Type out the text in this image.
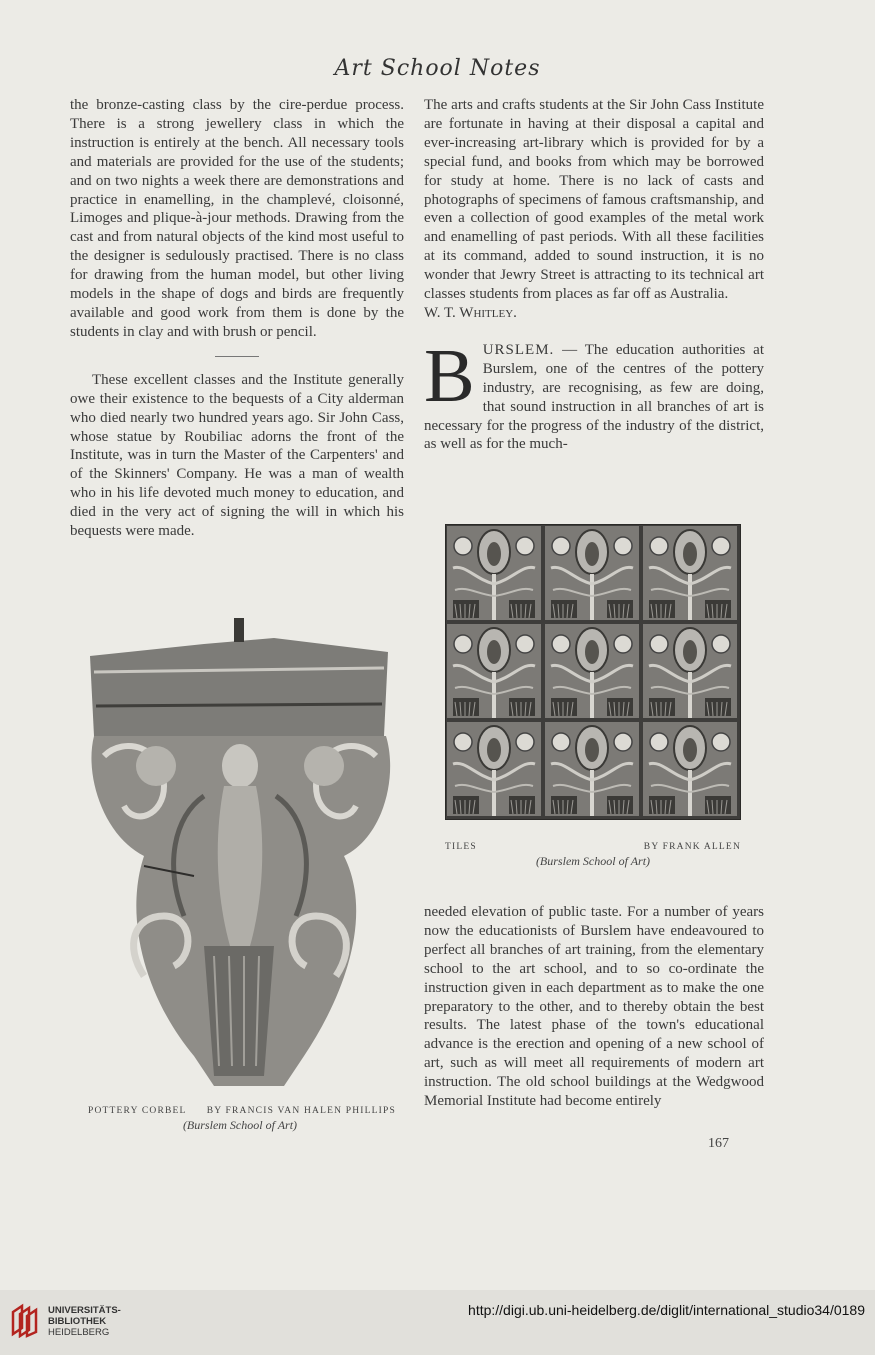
Art School Notes

the bronze-casting class by the cire-perdue process. There is a strong jewellery class in which the instruction is entirely at the bench. All necessary tools and materials are provided for the use of the students; and on two nights a week there are demonstrations and practice in enamelling, in the champlevé, cloisonné, Limoges and plique-à-jour methods. Drawing from the cast and from natural objects of the kind most useful to the designer is sedulously practised. There is no class for drawing from the human model, but other living models in the shape of dogs and birds are frequently available and good work from them is done by the students in clay and with brush or pencil.

These excellent classes and the Institute generally owe their existence to the bequests of a City alderman who died nearly two hundred years ago. Sir John Cass, whose statue by Roubiliac adorns the front of the Institute, was in turn the Master of the Carpenters' and of the Skinners' Company. He was a man of wealth who in his life devoted much money to education, and died in the very act of signing the will in which his bequests were made.

The arts and crafts students at the Sir John Cass Institute are fortunate in having at their disposal a capital and ever-increasing art-library which is provided for by a special fund, and books from which may be borrowed for study at home. There is no lack of casts and photographs of specimens of famous craftsmanship, and even a collection of good examples of the metal work and enamelling of past periods. With all these facilities at its command, added to sound instruction, it is no wonder that Jewry Street is attracting to its technical art classes students from places as far off as Australia.

W. T. Whitley.

BURSLEM. — The education authorities at Burslem, one of the centres of the pottery industry, are recognising, as few are doing, that sound instruction in all branches of art is necessary for the progress of the industry of the district, as well as for the much-

TILES	BY FRANK ALLEN
(Burslem School of Art)
POTTERY CORBEL	BY FRANCIS VAN HALEN PHILLIPS
(Burslem School of Art)

needed elevation of public taste. For a number of years now the educationists of Burslem have endeavoured to perfect all branches of art training, from the elementary school to the art school, and to so co-ordinate the instruction given in each department as to make the one preparatory to the other, and to thereby obtain the best results. The latest phase of the town's educational advance is the erection and opening of a new school of art, such as will meet all requirements of modern art instruction. The old school buildings at the Wedgwood Memorial Institute had become entirely

167
UNIVERSITÄTS-
BIBLIOTHEK
HEIDELBERG
http://digi.ub.uni-heidelberg.de/diglit/international_studio34/0189
